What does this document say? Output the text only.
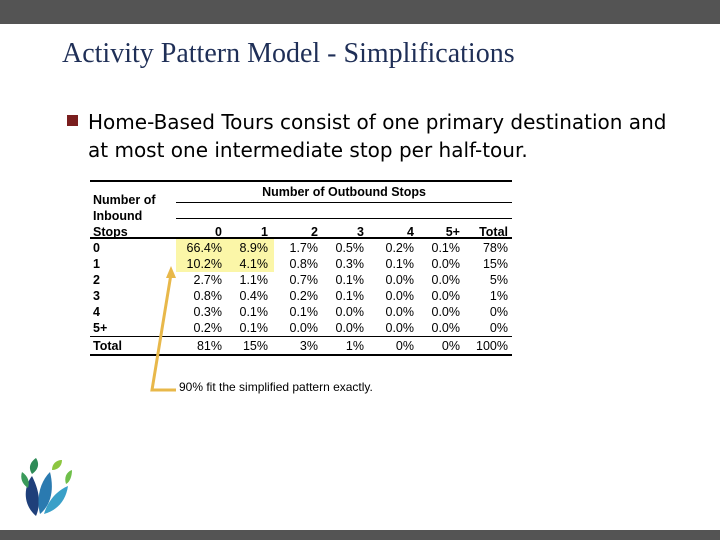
Activity Pattern Model - Simplifications
Home-Based Tours consist of one primary destination and at most one intermediate stop per half-tour.
Number of
Inbound
Stops
Number of Outbound Stops
0	1	2	3	4	5+	Total
0	66.4%	8.9%	1.7%	0.5%	0.2%	0.1%	78%
1	10.2%	4.1%	0.8%	0.3%	0.1%	0.0%	15%
2	2.7%	1.1%	0.7%	0.1%	0.0%	0.0%	5%
3	0.8%	0.4%	0.2%	0.1%	0.0%	0.0%	1%
4	0.3%	0.1%	0.1%	0.0%	0.0%	0.0%	0%
5+	0.2%	0.1%	0.0%	0.0%	0.0%	0.0%	0%
Total	81%	15%	3%	1%	0%	0%	100%
90% fit the simplified pattern exactly.
